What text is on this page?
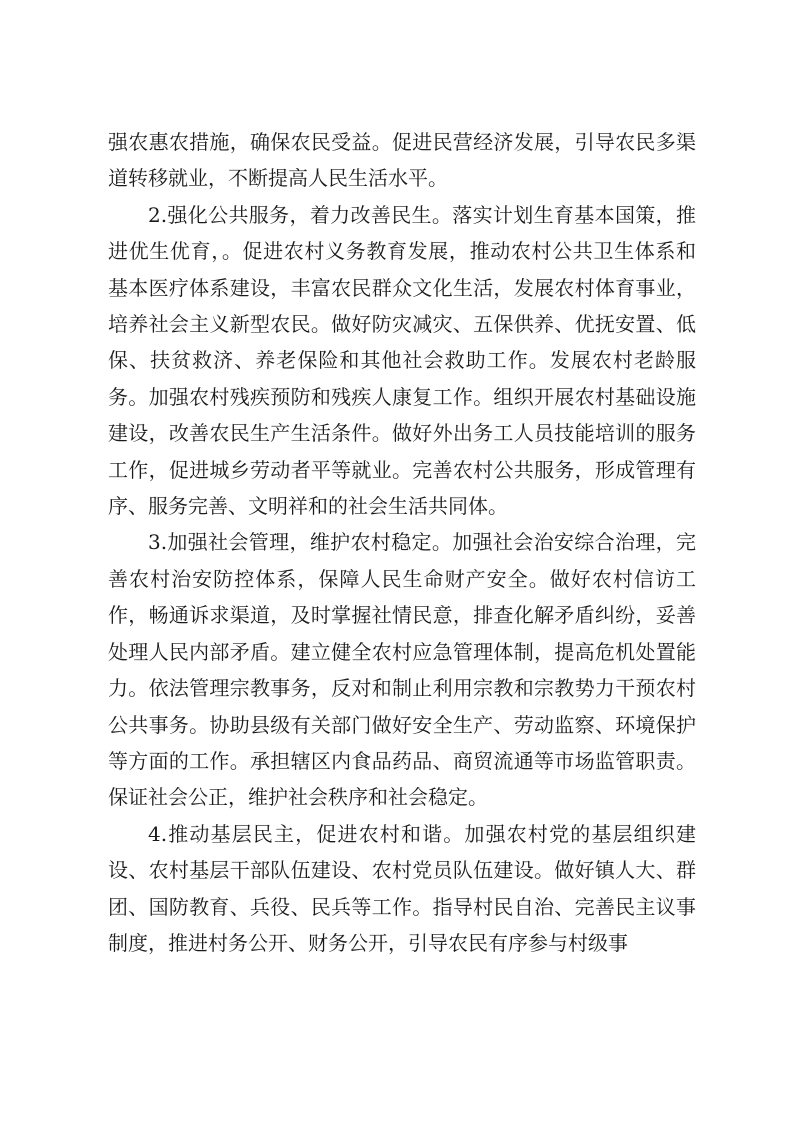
强农惠农措施，确保农民受益。促进民营经济发展，引导农民多渠道转移就业，不断提高人民生活水平。

2.强化公共服务，着力改善民生。落实计划生育基本国策，推进优生优育，。促进农村义务教育发展，推动农村公共卫生体系和基本医疗体系建设，丰富农民群众文化生活，发展农村体育事业，培养社会主义新型农民。做好防灾减灾、五保供养、优抚安置、低保、扶贫救济、养老保险和其他社会救助工作。发展农村老龄服务。加强农村残疾预防和残疾人康复工作。组织开展农村基础设施建设，改善农民生产生活条件。做好外出务工人员技能培训的服务工作，促进城乡劳动者平等就业。完善农村公共服务，形成管理有序、服务完善、文明祥和的社会生活共同体。

3.加强社会管理，维护农村稳定。加强社会治安综合治理，完善农村治安防控体系，保障人民生命财产安全。做好农村信访工作，畅通诉求渠道，及时掌握社情民意，排查化解矛盾纠纷，妥善处理人民内部矛盾。建立健全农村应急管理体制，提高危机处置能力。依法管理宗教事务，反对和制止利用宗教和宗教势力干预农村公共事务。协助县级有关部门做好安全生产、劳动监察、环境保护等方面的工作。承担辖区内食品药品、商贸流通等市场监管职责。保证社会公正，维护社会秩序和社会稳定。

4.推动基层民主，促进农村和谐。加强农村党的基层组织建设、农村基层干部队伍建设、农村党员队伍建设。做好镇人大、群团、国防教育、兵役、民兵等工作。指导村民自治、完善民主议事制度，推进村务公开、财务公开，引导农民有序参与村级事
